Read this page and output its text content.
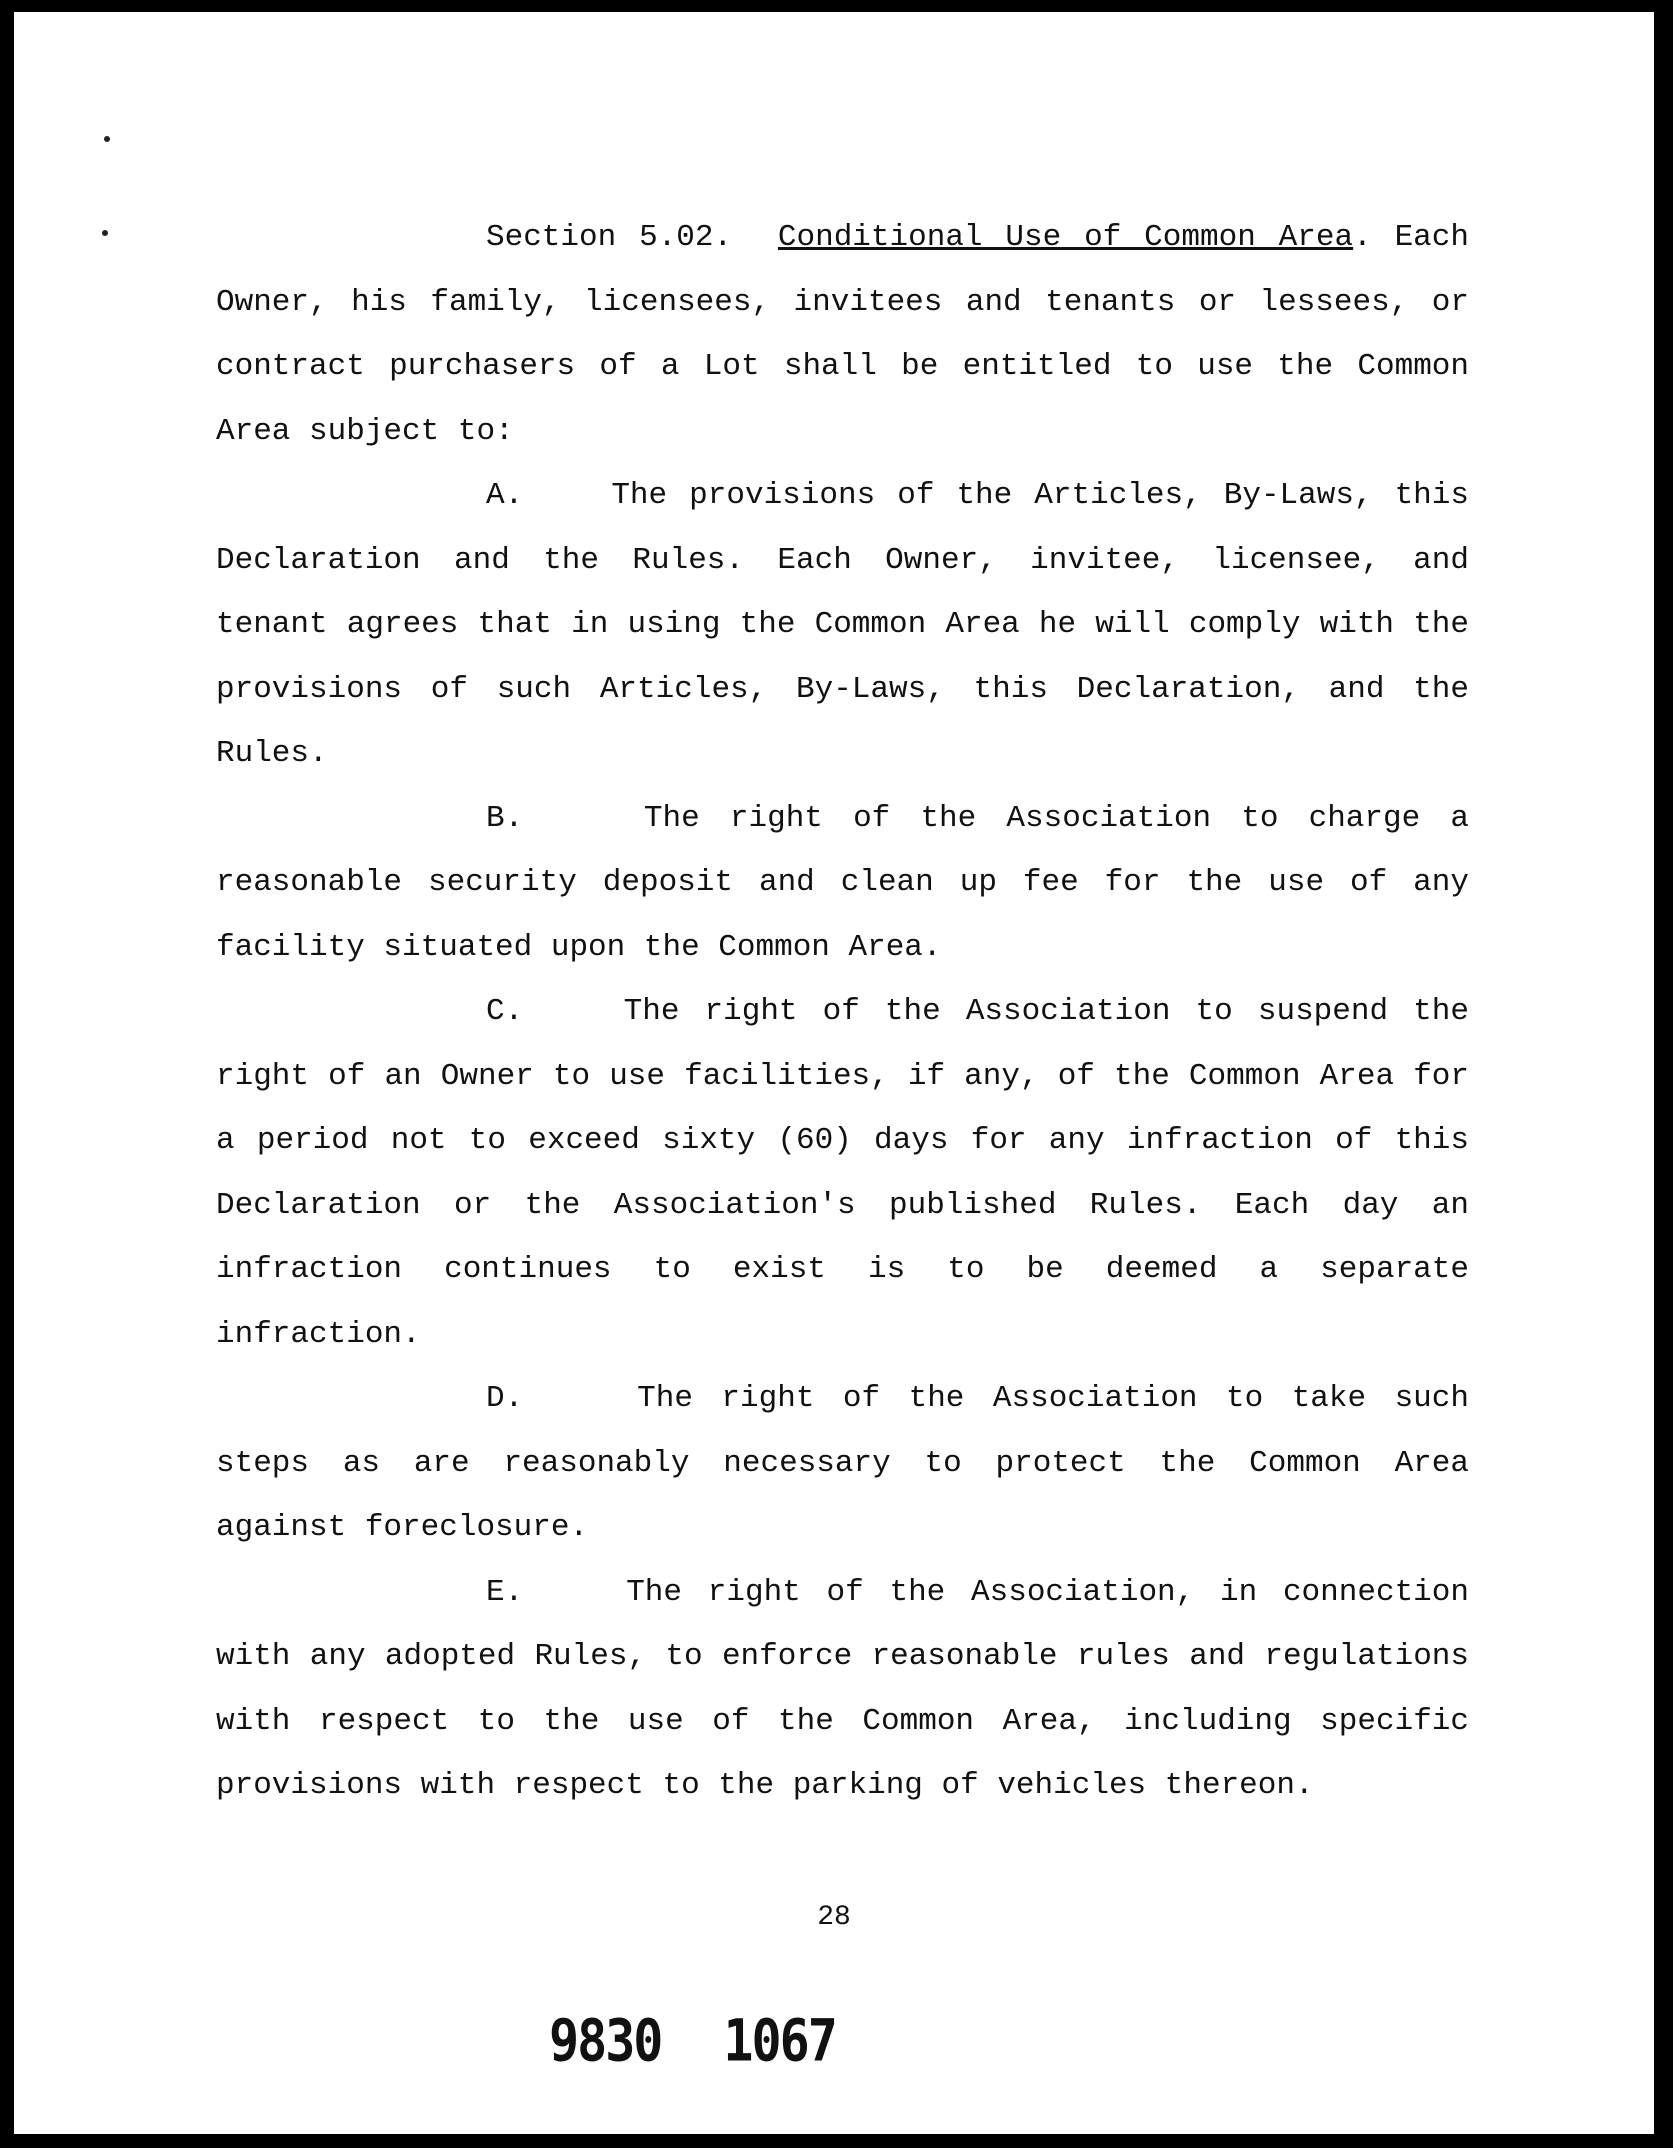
Section 5.02. Conditional Use of Common Area. Each Owner, his family, licensees, invitees and tenants or lessees, or contract purchasers of a Lot shall be entitled to use the Common Area subject to:

A.	The provisions of the Articles, By-Laws, this Declaration and the Rules. Each Owner, invitee, licensee, and tenant agrees that in using the Common Area he will comply with the provisions of such Articles, By-Laws, this Declaration, and the Rules.

B.	The right of the Association to charge a reasonable security deposit and clean up fee for the use of any facility situated upon the Common Area.

C.	The right of the Association to suspend the right of an Owner to use facilities, if any, of the Common Area for a period not to exceed sixty (60) days for any infraction of this Declaration or the Association's published Rules. Each day an infraction continues to exist is to be deemed a separate infraction.

D.	The right of the Association to take such steps as are reasonably necessary to protect the Common Area against foreclosure.

E.	The right of the Association, in connection with any adopted Rules, to enforce reasonable rules and regulations with respect to the use of the Common Area, including specific provisions with respect to the parking of vehicles thereon.

28
9830 1067
